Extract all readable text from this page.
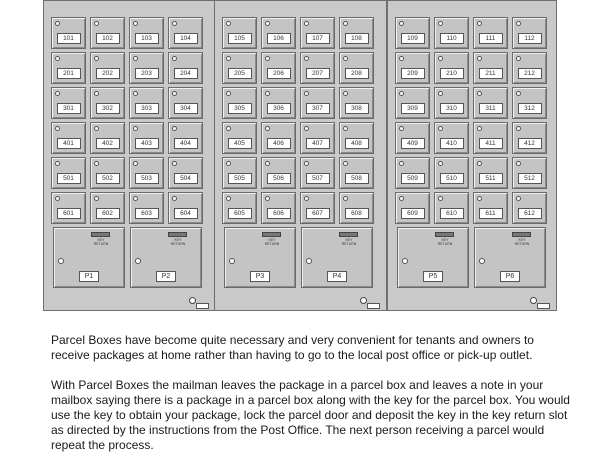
101	102	103	104
201	202	203	204
301	302	303	304
401	402	403	404
501	502	503	504
601	602	603	604
KEY
RETURN
P1
KEY
RETURN
P2
105	106	107	108
205	206	207	208
305	306	307	308
405	406	407	408
505	506	507	508
605	606	607	608
KEY
RETURN
P3
KEY
RETURN
P4
109	110	111	112
209	210	211	212
309	310	311	312
409	410	411	412
509	510	511	512
609	610	611	612
KEY
RETURN
P5
KEY
RETURN
P6

Parcel Boxes have become quite necessary and very convenient for tenants and owners to receive packages at home rather than having to go to the local post office or pick-up outlet.

With Parcel Boxes the mailman leaves the package in a parcel box and leaves a note in your mailbox saying there is a package in a parcel box along with the key for the parcel box. You would use the key to obtain your package, lock the parcel door and deposit the key in the key return slot as directed by the instructions from the Post Office. The next person receiving a parcel would repeat the process.
